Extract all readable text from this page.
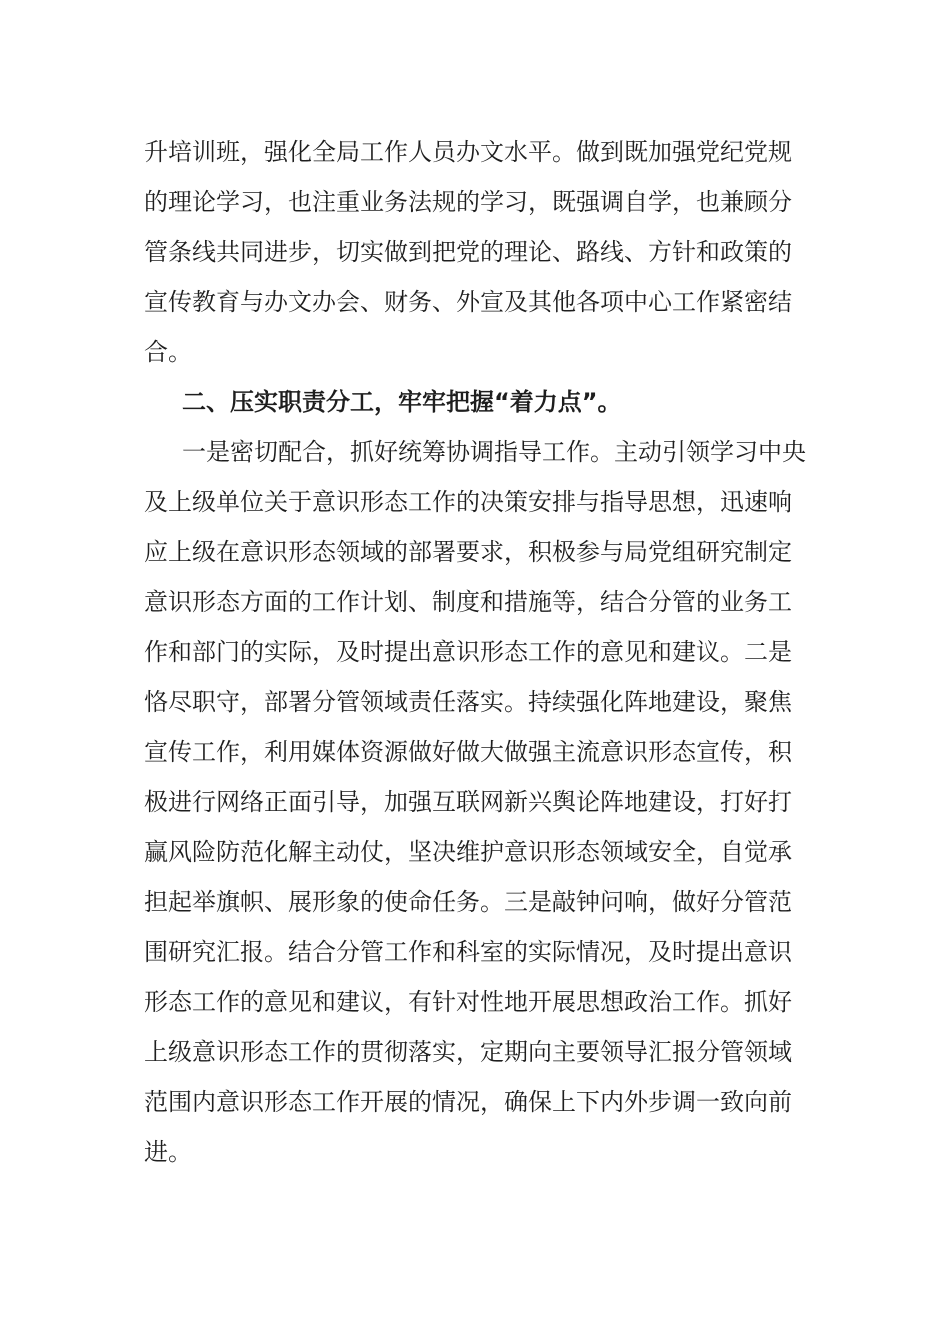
升培训班，强化全局工作人员办文水平。做到既加强党纪党规
的理论学习，也注重业务法规的学习，既强调自学，也兼顾分
管条线共同进步，切实做到把党的理论、路线、方针和政策的
宣传教育与办文办会、财务、外宣及其他各项中心工作紧密结
合。
二、压实职责分工，牢牢把握“着力点”。
一是密切配合，抓好统筹协调指导工作。主动引领学习中央
及上级单位关于意识形态工作的决策安排与指导思想，迅速响
应上级在意识形态领域的部署要求，积极参与局党组研究制定
意识形态方面的工作计划、制度和措施等，结合分管的业务工
作和部门的实际，及时提出意识形态工作的意见和建议。二是
恪尽职守，部署分管领域责任落实。持续强化阵地建设，聚焦
宣传工作，利用媒体资源做好做大做强主流意识形态宣传，积
极进行网络正面引导，加强互联网新兴舆论阵地建设，打好打
赢风险防范化解主动仗，坚决维护意识形态领域安全，自觉承
担起举旗帜、展形象的使命任务。三是敲钟问响，做好分管范
围研究汇报。结合分管工作和科室的实际情况，及时提出意识
形态工作的意见和建议，有针对性地开展思想政治工作。抓好
上级意识形态工作的贯彻落实，定期向主要领导汇报分管领域
范围内意识形态工作开展的情况，确保上下内外步调一致向前
进。
